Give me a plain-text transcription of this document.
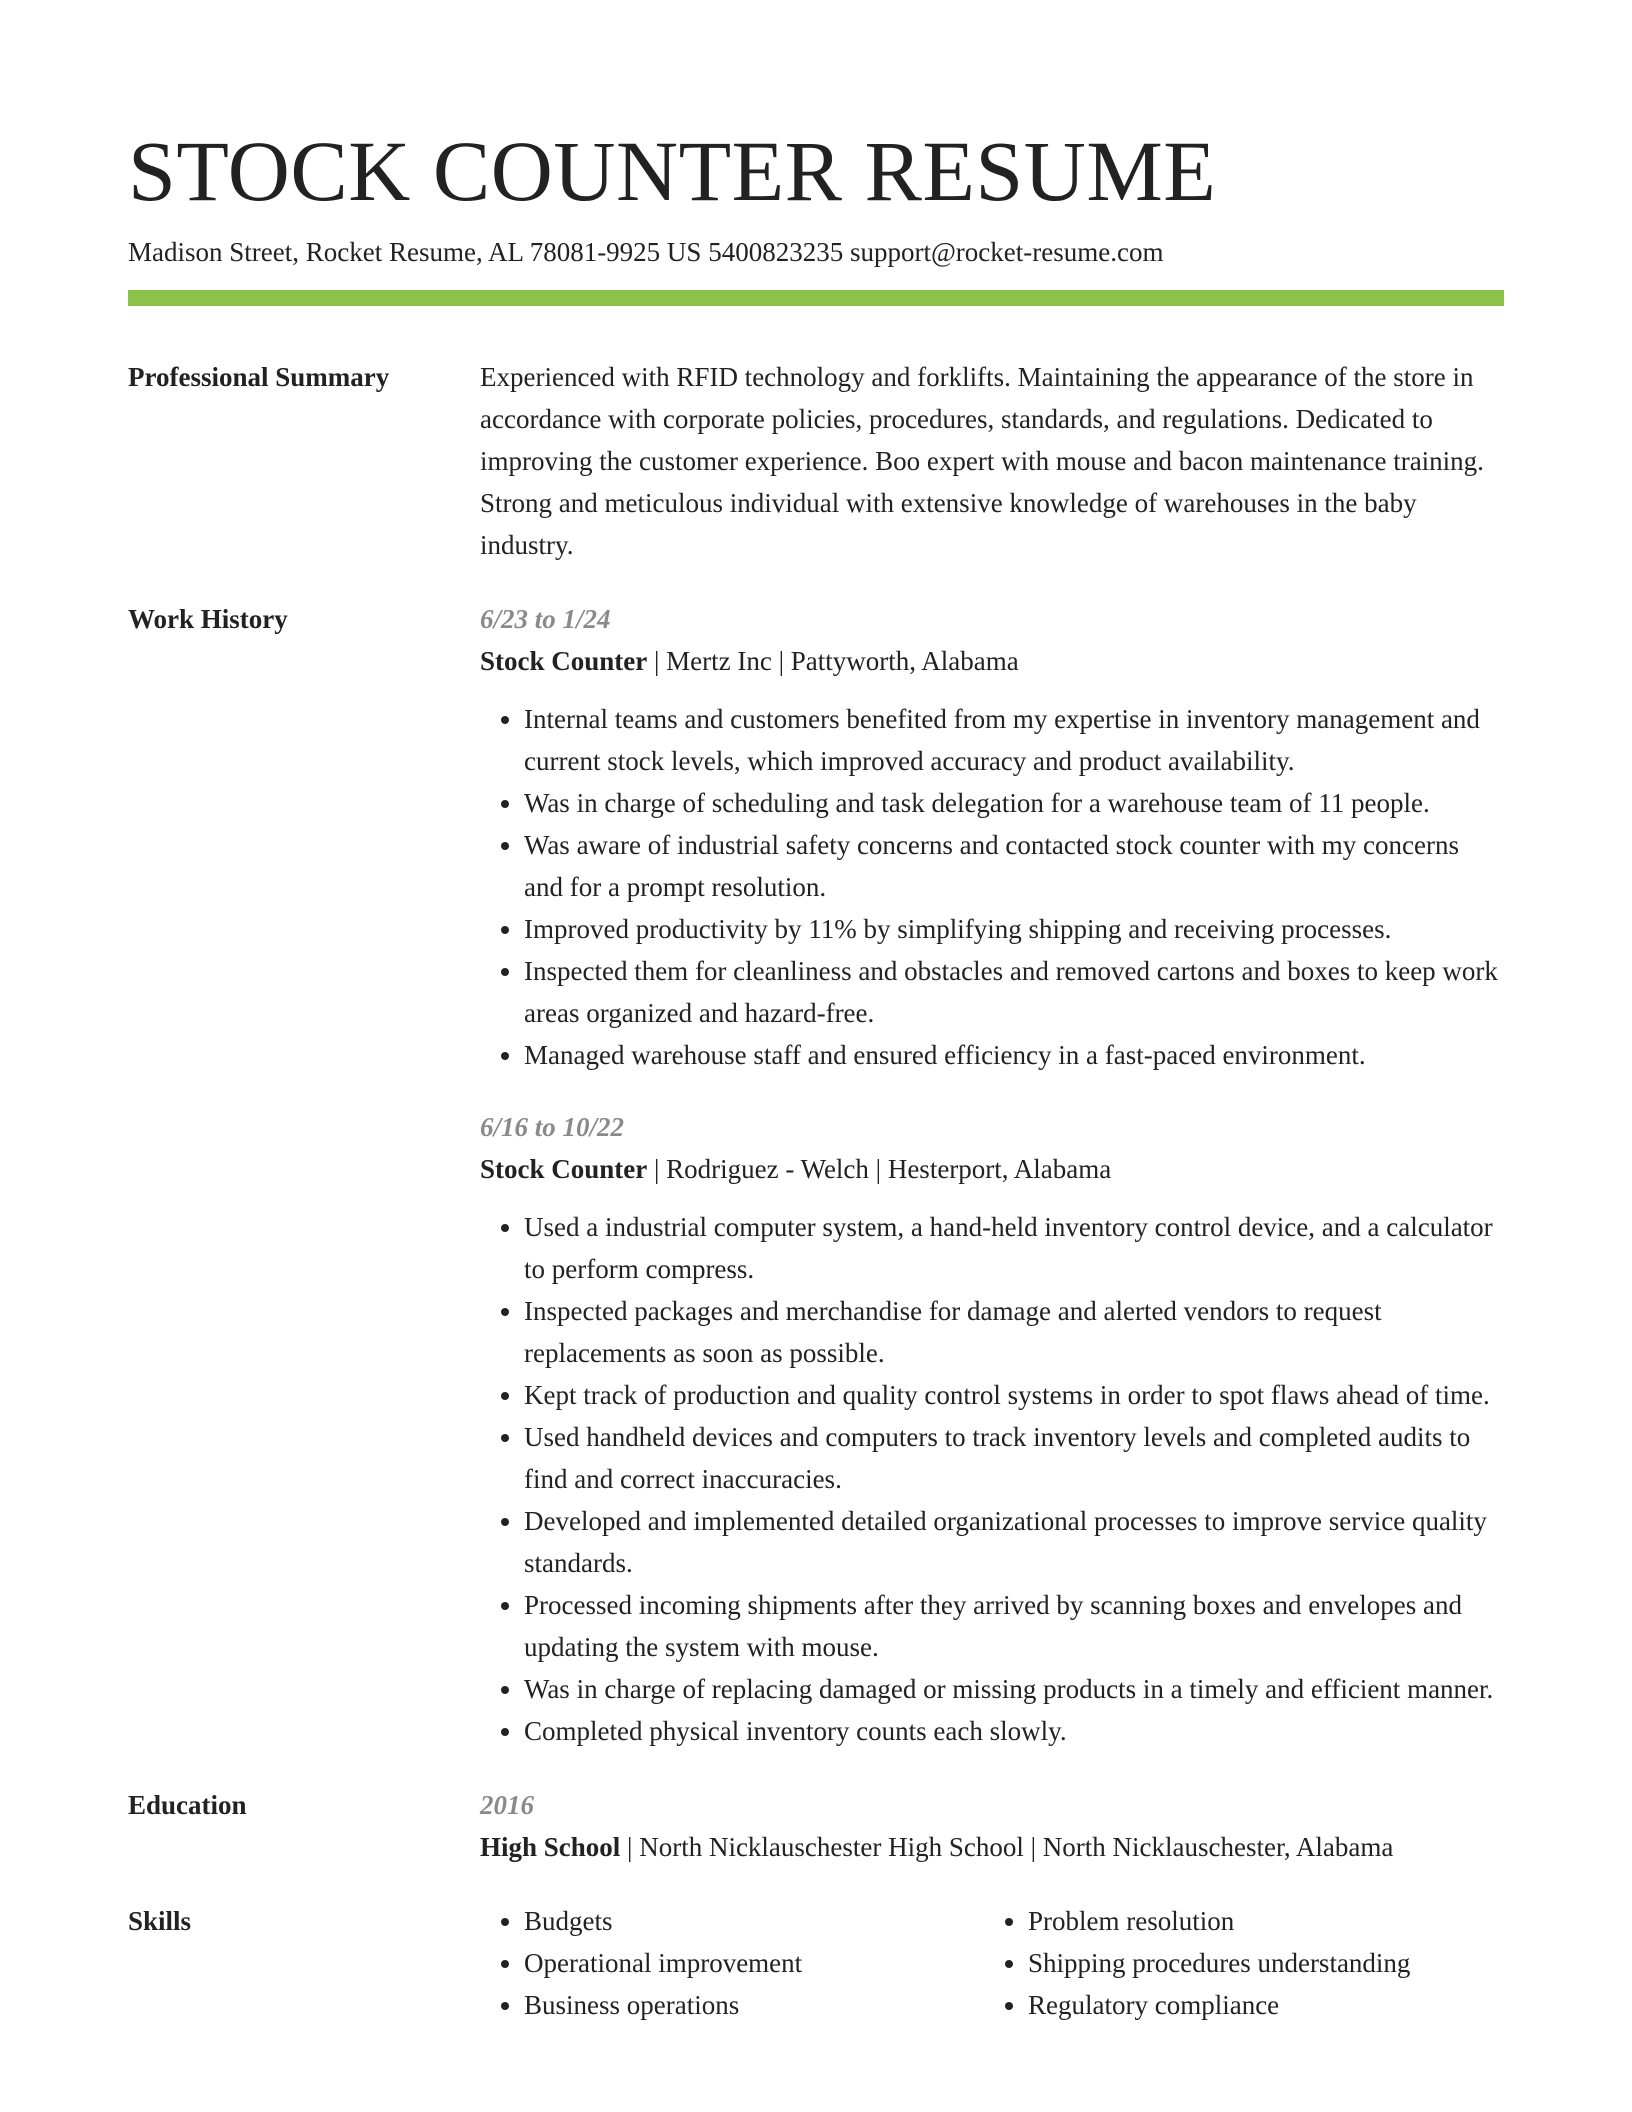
STOCK COUNTER RESUME
Madison Street, Rocket Resume, AL 78081-9925 US 5400823235 support@rocket-resume.com
Professional Summary	Experienced with RFID technology and forklifts. Maintaining the appearance of the store in accordance with corporate policies, procedures, standards, and regulations. Dedicated to improving the customer experience. Boo expert with mouse and bacon maintenance training. Strong and meticulous individual with extensive knowledge of warehouses in the baby industry.
Work History	6/23 to 1/24
Stock Counter | Mertz Inc | Pattyworth, Alabama
• Internal teams and customers benefited from my expertise in inventory management and current stock levels, which improved accuracy and product availability.
• Was in charge of scheduling and task delegation for a warehouse team of 11 people.
• Was aware of industrial safety concerns and contacted stock counter with my concerns and for a prompt resolution.
• Improved productivity by 11% by simplifying shipping and receiving processes.
• Inspected them for cleanliness and obstacles and removed cartons and boxes to keep work areas organized and hazard-free.
• Managed warehouse staff and ensured efficiency in a fast-paced environment.
6/16 to 10/22
Stock Counter | Rodriguez - Welch | Hesterport, Alabama
• Used a industrial computer system, a hand-held inventory control device, and a calculator to perform compress.
• Inspected packages and merchandise for damage and alerted vendors to request replacements as soon as possible.
• Kept track of production and quality control systems in order to spot flaws ahead of time.
• Used handheld devices and computers to track inventory levels and completed audits to find and correct inaccuracies.
• Developed and implemented detailed organizational processes to improve service quality standards.
• Processed incoming shipments after they arrived by scanning boxes and envelopes and updating the system with mouse.
• Was in charge of replacing damaged or missing products in a timely and efficient manner.
• Completed physical inventory counts each slowly.
Education	2016
High School | North Nicklauschester High School | North Nicklauschester, Alabama
Skills
•	Budgets
• Operational improvement
• Business operations
• Problem resolution
• Shipping procedures understanding
• Regulatory compliance
